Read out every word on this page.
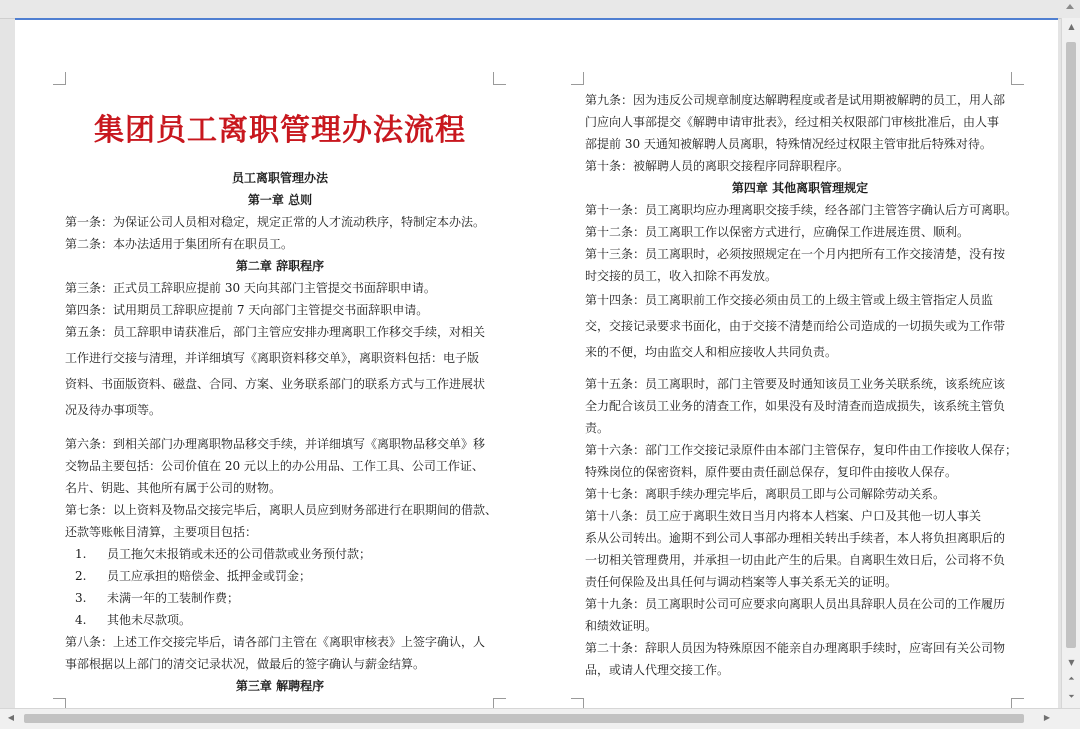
集团员工离职管理办法流程
员工离职管理办法
第一章 总则
第一条：为保证公司人员相对稳定，规定正常的人才流动秩序，特制定本办法。
第二条：本办法适用于集团所有在职员工。
第二章 辞职程序
第三条：正式员工辞职应提前 30 天向其部门主管提交书面辞职申请。
第四条：试用期员工辞职应提前 7 天向部门主管提交书面辞职申请。
第五条：员工辞职申请获准后，部门主管应安排办理离职工作移交手续，对相关
工作进行交接与清理，并详细填写《离职资料移交单》，离职资料包括：电子版
资料、书面版资料、磁盘、合同、方案、业务联系部门的联系方式与工作进展状
况及待办事项等。
第六条：到相关部门办理离职物品移交手续，并详细填写《离职物品移交单》移
交物品主要包括：公司价值在 20 元以上的办公用品、工作工具、公司工作证、
名片、钥匙、其他所有属于公司的财物。
第七条：以上资料及物品交接完毕后，离职人员应到财务部进行在职期间的借款、
还款等账帐目清算，主要项目包括：
1. 员工拖欠未报销或未还的公司借款或业务预付款；
2. 员工应承担的赔偿金、抵押金或罚金；
3. 未满一年的工装制作费；
4. 其他未尽款项。
第八条：上述工作交接完毕后，请各部门主管在《离职审核表》上签字确认，人
事部根据以上部门的清交记录状况，做最后的签字确认与薪金结算。
第三章 解聘程序
第九条：因为违反公司规章制度达解聘程度或者是试用期被解聘的员工，用人部
门应向人事部提交《解聘申请审批表》，经过相关权限部门审核批准后，由人事
部提前 30 天通知被解聘人员离职，特殊情况经过权限主管审批后特殊对待。
第十条：被解聘人员的离职交接程序同辞职程序。
第四章 其他离职管理规定
第十一条：员工离职均应办理离职交接手续，经各部门主管答字确认后方可离职。
第十二条：员工离职工作以保密方式进行，应确保工作进展连贯、顺利。
第十三条：员工离职时，必须按照规定在一个月内把所有工作交接清楚，没有按
时交接的员工，收入扣除不再发放。
第十四条：员工离职前工作交接必须由员工的上级主管或上级主管指定人员监
交，交接记录要求书面化，由于交接不清楚而给公司造成的一切损失或为工作带
来的不便，均由监交人和相应接收人共同负责。
第十五条：员工离职时，部门主管要及时通知该员工业务关联系统，该系统应该
全力配合该员工业务的清查工作，如果没有及时清查而造成损失，该系统主管负
责。
第十六条：部门工作交接记录原件由本部门主管保存，复印件由工作接收人保存；
特殊岗位的保密资料，原件要由责任副总保存，复印件由接收人保存。
第十七条：离职手续办理完毕后，离职员工即与公司解除劳动关系。
第十八条：员工应于离职生效日当月内将本人档案、户口及其他一切人事关
系从公司转出。逾期不到公司人事部办理相关转出手续者，本人将负担离职后的
一切相关管理费用，并承担一切由此产生的后果。自离职生效日后，公司将不负
责任何保险及出具任何与调动档案等人事关系无关的证明。
第十九条：员工离职时公司可应要求向离职人员出具辞职人员在公司的工作履历
和绩效证明。
第二十条：辞职人员因为特殊原因不能亲自办理离职手续时，应寄回有关公司物
品，或请人代理交接工作。
▲
▼
⏶
⏷
◀	▶
